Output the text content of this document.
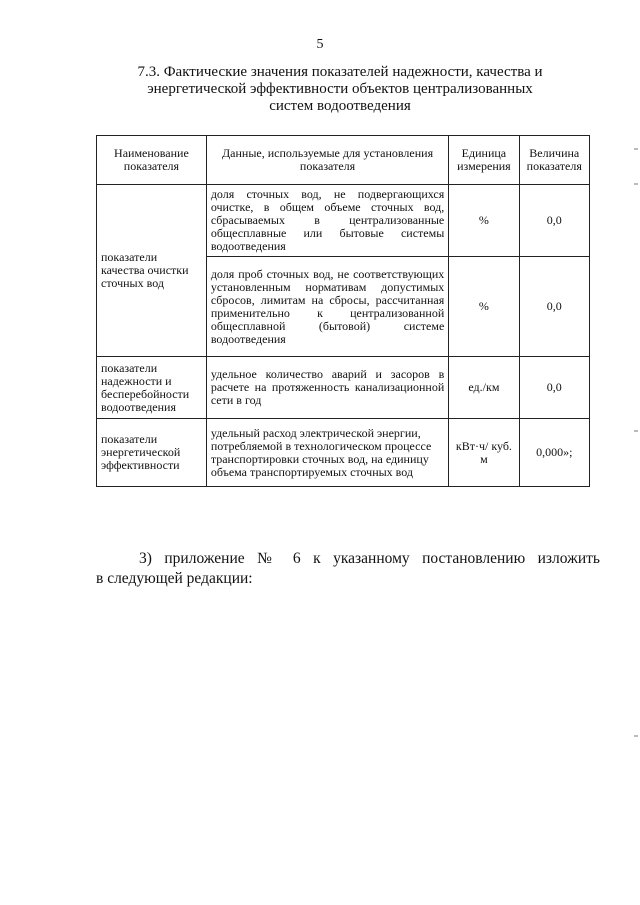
5
7.3. Фактические значения показателей надежности, качества и
энергетической эффективности объектов централизованных
систем водоотведения
Наименование показателя	Данные, используемые для установления показателя	Единица измерения	Величина показателя
показатели качества очистки сточных вод	доля сточных вод, не подвергающихся очистке, в общем объеме сточных вод, сбрасываемых в централизованные общесплавные или бытовые системы водоотведения	%	0,0
	доля проб сточных вод, не соответствующих установленным нормативам допустимых сбросов, лимитам на сбросы, рассчитанная применительно к централизованной общесплавной (бытовой) системе водоотведения	%	0,0
показатели надежности и бесперебойности водоотведения	удельное количество аварий и засоров в расчете на протяженность канализационной сети в год	ед./км	0,0
показатели энергетической эффективности	удельный расход электрической энергии, потребляемой в технологическом процессе транспортировки сточных вод, на единицу объема транспортируемых сточных вод	кВт·ч/ куб. м	0,000»;
3) приложение № 6 к указанному постановлению изложить
в следующей редакции:
